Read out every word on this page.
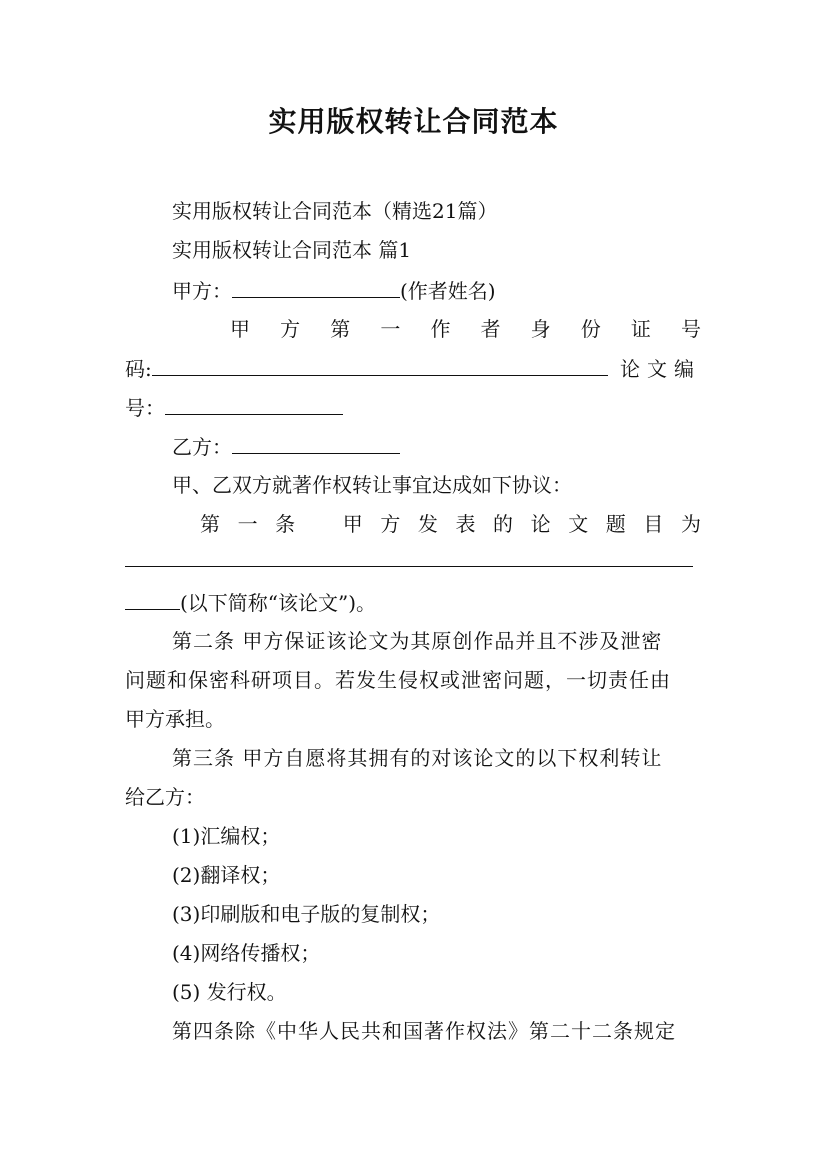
实用版权转让合同范本
实用版权转让合同范本（精选21篇）
实用版权转让合同范本 篇1
甲方：	(作者姓名)
甲 方 第 一 作 者 身 份 证 号
码:	论文编
号：
乙方：
甲、乙双方就著作权转让事宜达成如下协议：
第 一 条 甲 方 发 表 的 论 文 题 目 为
(以下简称“该论文”)。
第二条 甲方保证该论文为其原创作品并且不涉及泄密
问题和保密科研项目。若发生侵权或泄密问题，一切责任由
甲方承担。
第三条 甲方自愿将其拥有的对该论文的以下权利转让
给乙方：
(1)汇编权；
(2)翻译权；
(3)印刷版和电子版的复制权；
(4)网络传播权；
(5) 发行权。
第四条除《中华人民共和国著作权法》第二十二条规定
